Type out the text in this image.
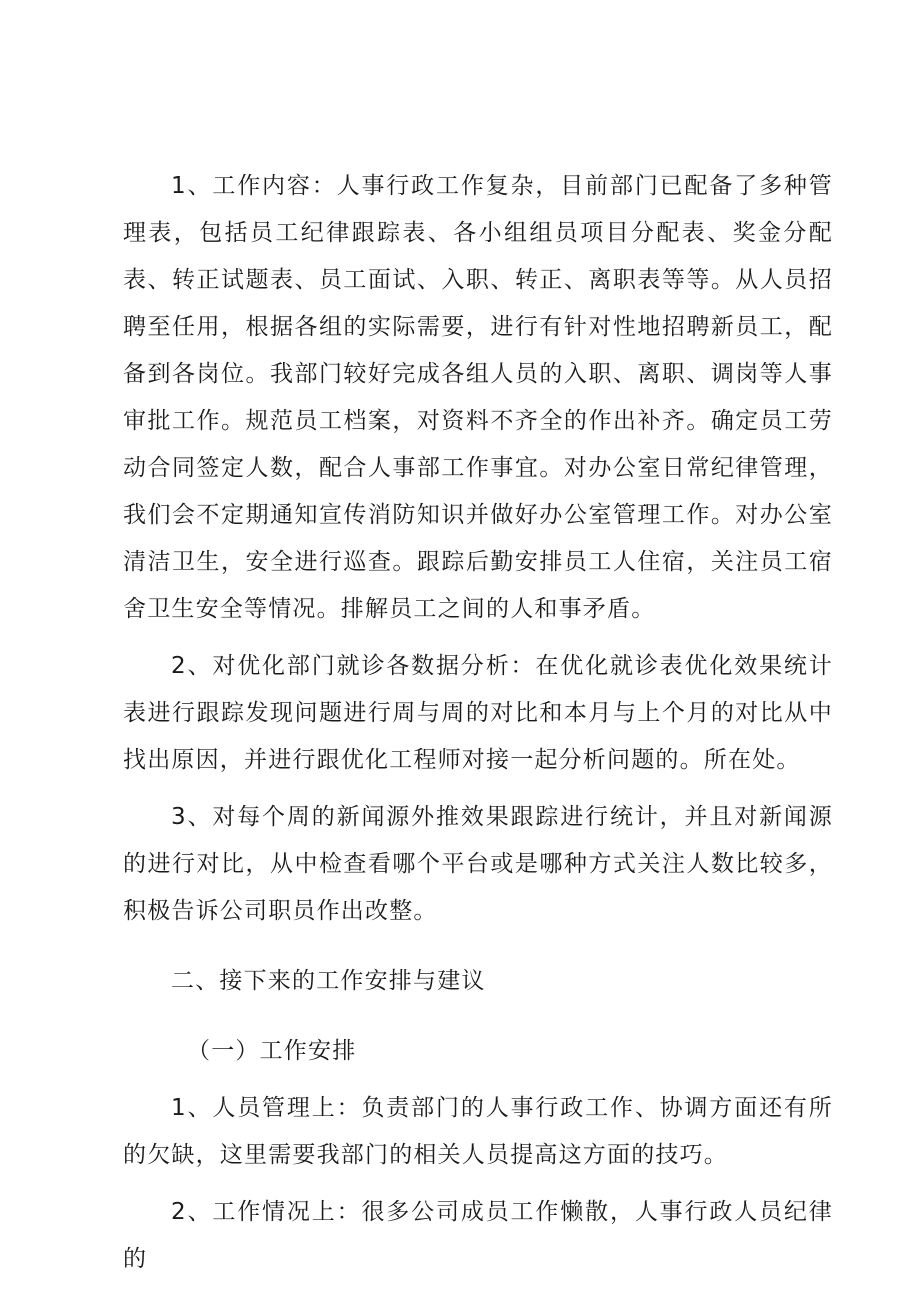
1、工作内容：人事行政工作复杂，目前部门已配备了多种管理表，包括员工纪律跟踪表、各小组组员项目分配表、奖金分配表、转正试题表、员工面试、入职、转正、离职表等等。从人员招聘至任用，根据各组的实际需要，进行有针对性地招聘新员工，配备到各岗位。我部门较好完成各组人员的入职、离职、调岗等人事审批工作。规范员工档案，对资料不齐全的作出补齐。确定员工劳动合同签定人数，配合人事部工作事宜。对办公室日常纪律管理，我们会不定期通知宣传消防知识并做好办公室管理工作。对办公室清洁卫生，安全进行巡查。跟踪后勤安排员工人住宿，关注员工宿舍卫生安全等情况。排解员工之间的人和事矛盾。

2、对优化部门就诊各数据分析：在优化就诊表优化效果统计表进行跟踪发现问题进行周与周的对比和本月与上个月的对比从中找出原因，并进行跟优化工程师对接一起分析问题的。所在处。

3、对每个周的新闻源外推效果跟踪进行统计，并且对新闻源的进行对比，从中检查看哪个平台或是哪种方式关注人数比较多，积极告诉公司职员作出改整。

二、接下来的工作安排与建议

（一）工作安排

1、人员管理上：负责部门的人事行政工作、协调方面还有所的欠缺，这里需要我部门的相关人员提高这方面的技巧。

2、工作情况上：很多公司成员工作懒散，人事行政人员纪律的
